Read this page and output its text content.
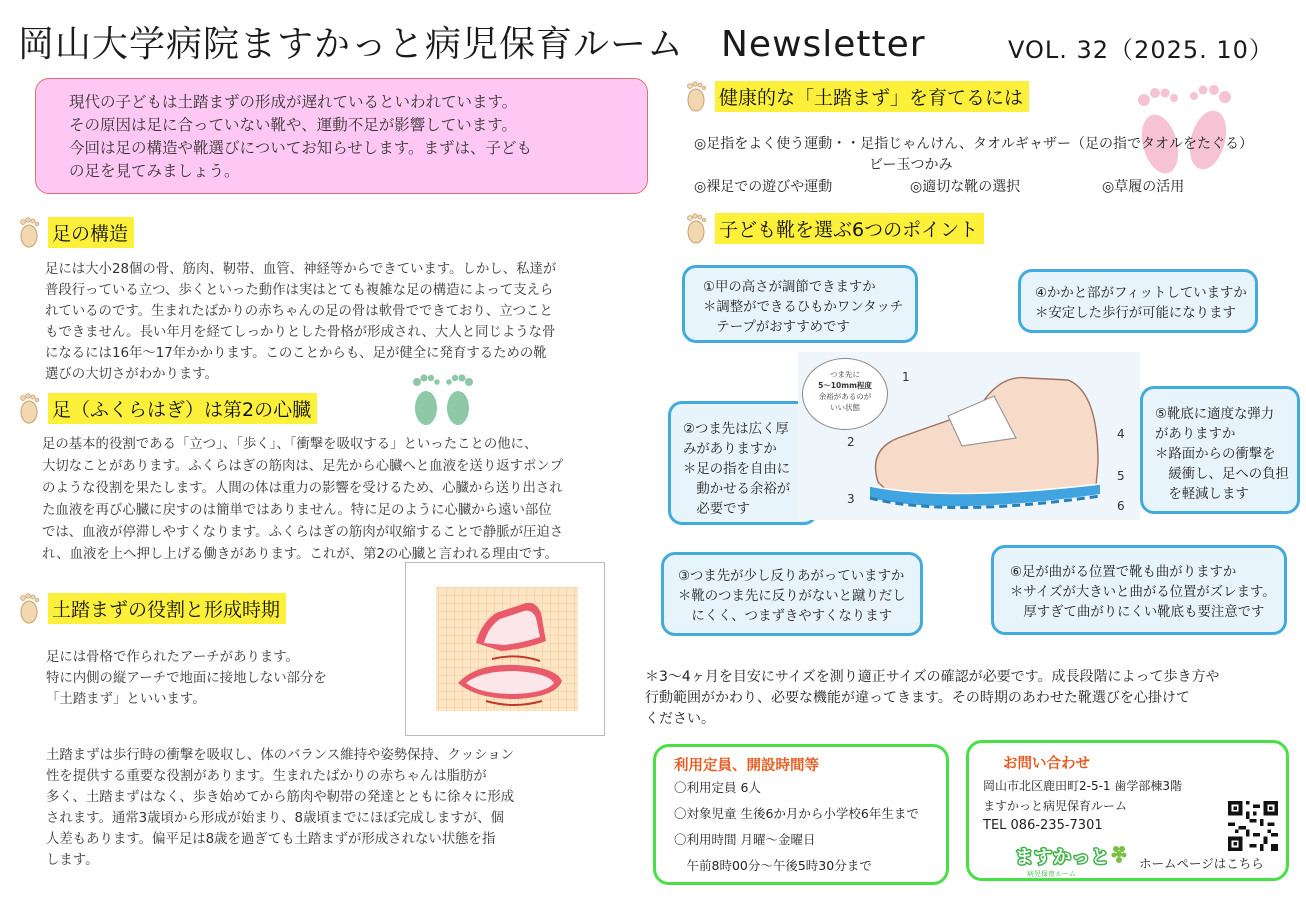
岡山大学病院ますかっと病児保育ルーム　Newsletter	VOL. 32（2025. 10）

現代の子どもは土踏まずの形成が遅れているといわれています。

その原因は足に合っていない靴や、運動不足が影響しています。

今回は足の構造や靴選びについてお知らせします。まずは、子ども

の足を見てみましょう。

足の構造

足には大小28個の骨、筋肉、靭帯、血管、神経等からできています。しかし、私達が

普段行っている立つ、歩くといった動作は実はとても複雑な足の構造によって支えら

れているのです。生まれたばかりの赤ちゃんの足の骨は軟骨でできており、立つこと

もできません。長い年月を経てしっかりとした骨格が形成され、大人と同じような骨

になるには16年～17年かかります。このことからも、足が健全に発育するための靴

選びの大切さがわかります。

足（ふくらはぎ）は第2の心臓

足の基本的役割である「立つ」、「歩く」、「衝撃を吸収する」といったことの他に、

大切なことがあります。ふくらはぎの筋肉は、足先から心臓へと血液を送り返すポンプ

のような役割を果たします。人間の体は重力の影響を受けるため、心臓から送り出され

た血液を再び心臓に戻すのは簡単ではありません。特に足のように心臓から遠い部位

では、血液が停滞しやすくなります。ふくらはぎの筋肉が収縮することで静脈が圧迫さ

れ、血液を上へ押し上げる働きがあります。これが、第2の心臓と言われる理由です。

土踏まずの役割と形成時期

足には骨格で作られたアーチがあります。

特に内側の縦アーチで地面に接地しない部分を

「土踏まず」といいます。

土踏まずは歩行時の衝撃を吸収し、体のバランス維持や姿勢保持、クッション

性を提供する重要な役割があります。生まれたばかりの赤ちゃんは脂肪が

多く、土踏まずはなく、歩き始めてから筋肉や靭帯の発達とともに徐々に形成

されます。通常3歳頃から形成が始まり、8歳頃までにほぼ完成しますが、個

人差もあります。偏平足は8歳を過ぎても土踏まずが形成されない状態を指

します。

健康的な「土踏まず」を育てるには
◎足指をよく使う運動・・足指じゃんけん、タオルギャザー（足の指でタオルをたぐる）
ビー玉つかみ
◎裸足での遊びや運動	◎適切な靴の選択	◎草履の活用
子ども靴を選ぶ6つのポイント

①甲の高さが調節できますか

＊調整ができるひもかワンタッチ

　テープがおすすめです

④かかと部がフィットしていますか

＊安定した歩行が可能になります

②つま先は広く厚

みがありますか

＊足の指を自由に

　動かせる余裕が

　必要です

⑤靴底に適度な弾力

がありますか

＊路面からの衝撃を

　緩衝し、足への負担

　を軽減します

③つま先が少し反りあがっていますか

＊靴のつま先に反りがないと蹴りだし

　にくく、つまずきやすくなります

⑥足が曲がる位置で靴も曲がりますか

＊サイズが大きいと曲がる位置がズレます。

　厚すぎて曲がりにくい靴底も要注意です

1
2
3
4
5
6
つま先に
5～10mm程度
余裕があるのが
いい状態

＊3～4ヶ月を目安にサイズを測り適正サイズの確認が必要です。成長段階によって歩き方や

行動範囲がかわり、必要な機能が違ってきます。その時期のあわせた靴選びを心掛けて

ください。

利用定員、開設時間等
〇利用定員 6人
〇対象児童 生後6か月から小学校6年生まで
〇利用時間 月曜～金曜日
　午前8時00分～午後5時30分まで
お問い合わせ

岡山市北区鹿田町2-5-1 歯学部棟3階

ますかっと病児保育ルーム

TEL 086-235-7301

ますかっと
病児保育ルーム
ホームページはこちら
